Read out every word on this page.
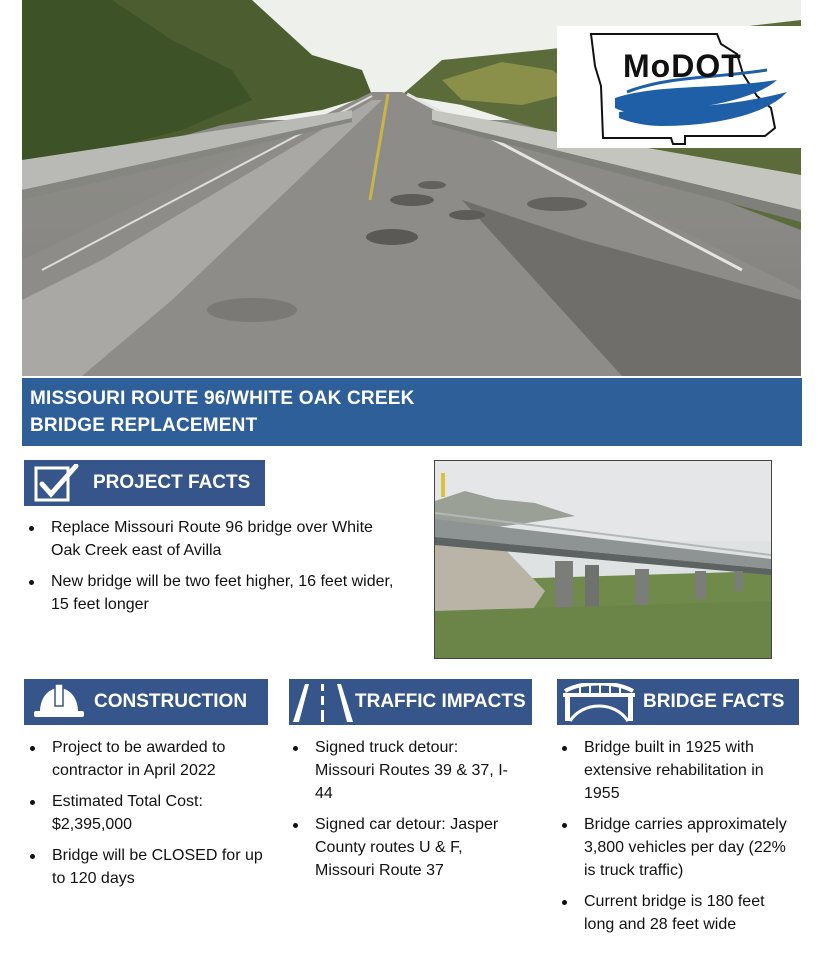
MoDOT
MISSOURI ROUTE 96/WHITE OAK CREEK
BRIDGE REPLACEMENT
PROJECT FACTS
Replace Missouri Route 96 bridge over White Oak Creek east of Avilla
New bridge will be two feet higher, 16 feet wider, 15 feet longer
CONSTRUCTION
Project to be awarded to contractor in April 2022
Estimated Total Cost: $2,395,000
Bridge will be CLOSED for up to 120 days
TRAFFIC IMPACTS
Signed truck detour: Missouri Routes 39 & 37, I-44
Signed car detour: Jasper County routes U & F, Missouri Route 37
BRIDGE FACTS
Bridge built in 1925 with extensive rehabilitation in 1955
Bridge carries approximately 3,800 vehicles per day (22% is truck traffic)
Current bridge is 180 feet long and 28 feet wide
